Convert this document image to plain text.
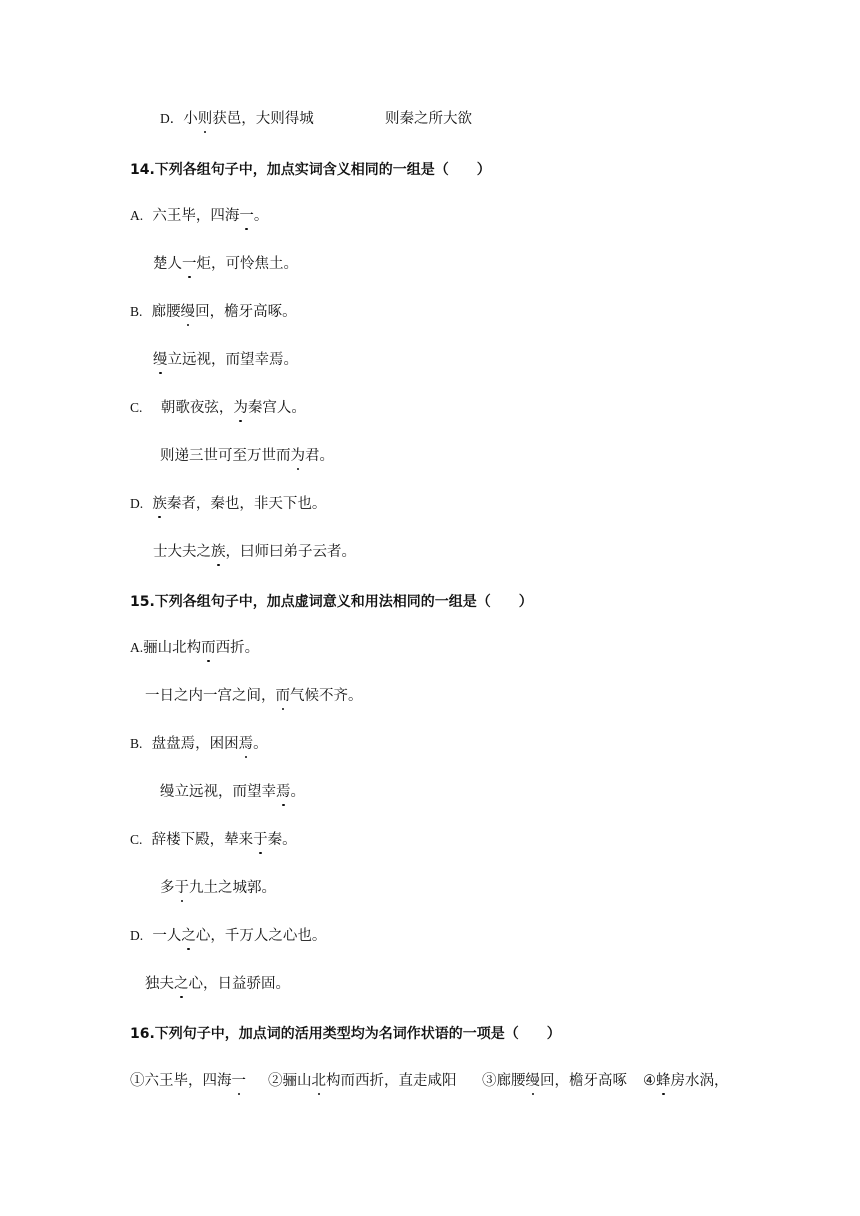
D．小则获邑，大则得城	则秦之所大欲
14.下列各组句子中，加点实词含义相同的一组是（　　）
A. 六王毕，四海一。
楚人一炬，可怜焦土。
B. 廊腰缦回，檐牙高啄。
缦立远视，而望幸焉。
C. 朝歌夜弦，为秦宫人。
则递三世可至万世而为君。
D. 族秦者，秦也，非天下也。
士大夫之族，曰师曰弟子云者。
15.下列各组句子中，加点虚词意义和用法相同的一组是（　　）
A.骊山北构而西折。
一日之内一宫之间，而气候不齐。
B. 盘盘焉，困困焉。
缦立远视，而望幸焉。
C. 辞楼下殿，辇来于秦。
多于九土之城郭。
D. 一人之心，千万人之心也。
独夫之心，日益骄固。
16.下列句子中，加点词的活用类型均为名词作状语的一项是（　　）
①六王毕，四海一 ②骊山北构而西折，直走咸阳 ③廊腰缦回，檐牙高啄 ④蜂房水涡，
